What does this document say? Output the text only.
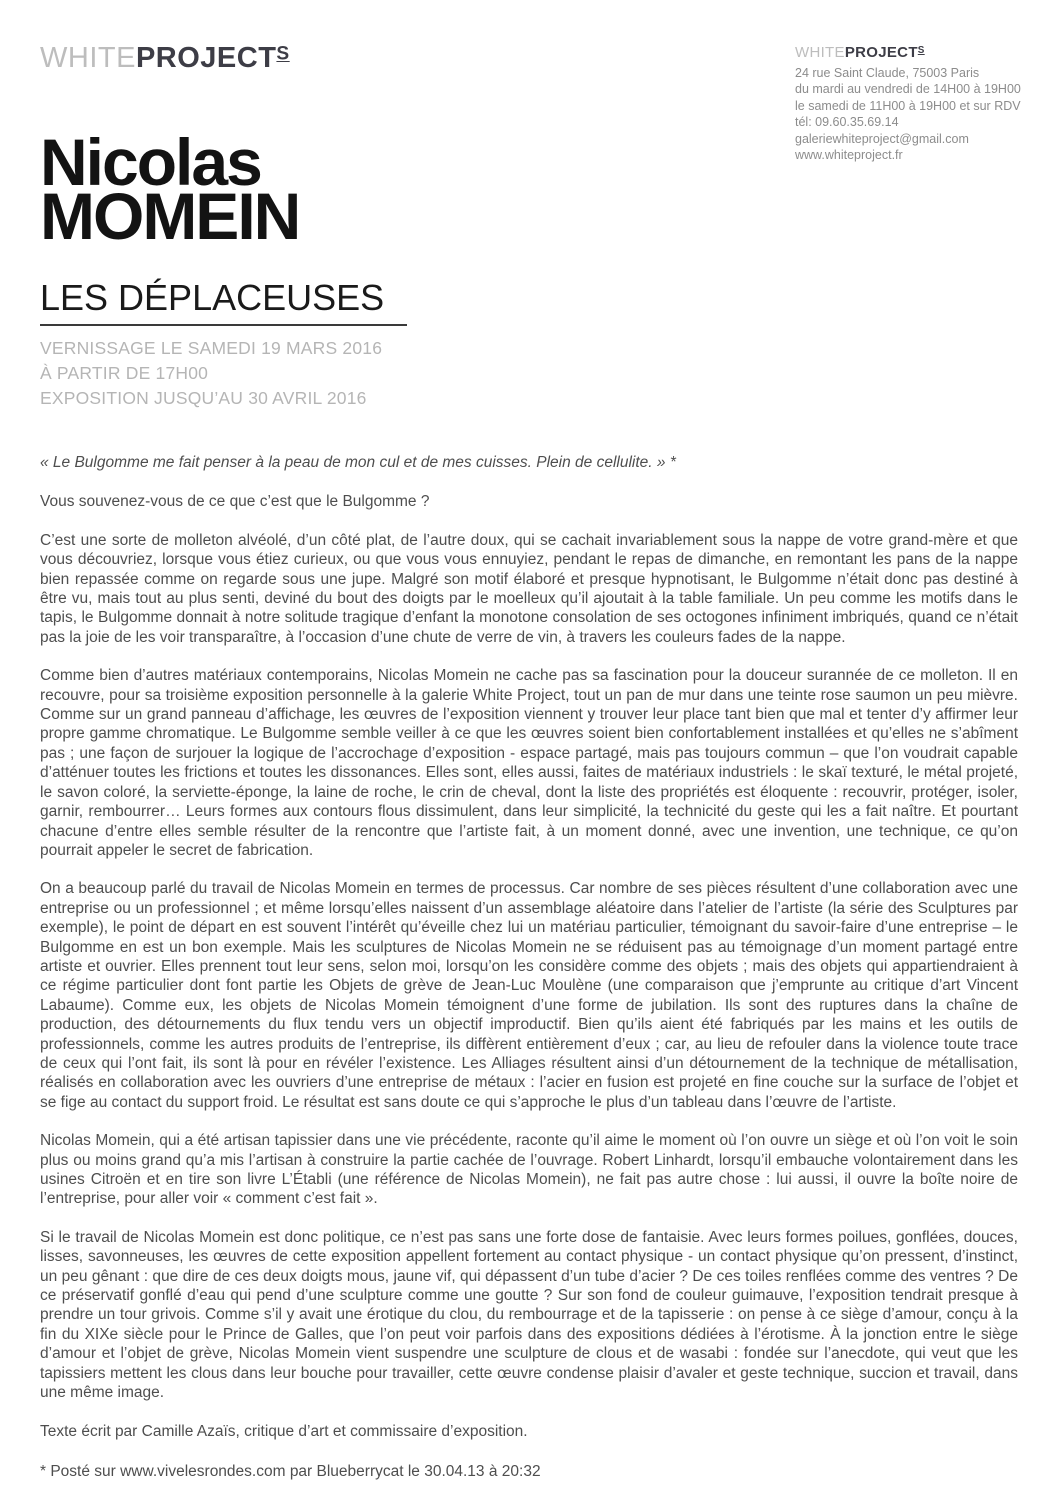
$WHITEPROJECT^S$	$WHITEPROJECT^S$
24 rue Saint Claude, 75003 Paris
du mardi au vendredi de 14H00 à 19H00
le samedi de 11H00 à 19H00 et sur RDV
tél: 09.60.35.69.14
galeriewhiteproject@gmail.com
www.whiteproject.fr
Nicolas
MOMEIN
LES DÉPLACEUSES
VERNISSAGE LE SAMEDI 19 MARS 2016
À PARTIR DE 17H00
EXPOSITION JUSQU’AU 30 AVRIL 2016
« Le Bulgomme me fait penser à la peau de mon cul et de mes cuisses. Plein de cellulite. » *
Vous souvenez-vous de ce que c’est que le Bulgomme ?
C’est une sorte de molleton alvéolé, d’un côté plat, de l’autre doux, qui se cachait invariablement sous la nappe de votre grand-mère et que vous découvriez, lorsque vous étiez curieux, ou que vous vous ennuyiez, pendant le repas de dimanche, en remontant les pans de la nappe bien repassée comme on regarde sous une jupe. Malgré son motif élaboré et presque hypnotisant, le Bulgomme n’était donc pas destiné à être vu, mais tout au plus senti, deviné du bout des doigts par le moelleux qu’il ajoutait à la table familiale. Un peu comme les motifs dans le tapis, le Bulgomme donnait à notre solitude tragique d’enfant la monotone consolation de ses octogones infiniment imbriqués, quand ce n’était pas la joie de les voir transparaître, à l’occasion d’une chute de verre de vin, à travers les couleurs fades de la nappe.
Comme bien d’autres matériaux contemporains, Nicolas Momein ne cache pas sa fascination pour la douceur surannée de ce molleton. Il en recouvre, pour sa troisième exposition personnelle à la galerie White Project, tout un pan de mur dans une teinte rose saumon un peu mièvre. Comme sur un grand panneau d’affichage, les œuvres de l’exposition viennent y trouver leur place tant bien que mal et tenter d’y affirmer leur propre gamme chromatique. Le Bulgomme semble veiller à ce que les œuvres soient bien confortablement installées et qu’elles ne s’abîment pas ; une façon de surjouer la logique de l’accrochage d’exposition - espace partagé, mais pas toujours commun – que l’on voudrait capable d’atténuer toutes les frictions et toutes les dissonances. Elles sont, elles aussi, faites de matériaux industriels : le skaï texturé, le métal projeté, le savon coloré, la serviette-éponge, la laine de roche, le crin de cheval, dont la liste des propriétés est éloquente : recouvrir, protéger, isoler, garnir, rembourrer… Leurs formes aux contours flous dissimulent, dans leur simplicité, la technicité du geste qui les a fait naître. Et pourtant chacune d’entre elles semble résulter de la rencontre que l’artiste fait, à un moment donné, avec une invention, une technique, ce qu’on pourrait appeler le secret de fabrication.
On a beaucoup parlé du travail de Nicolas Momein en termes de processus. Car nombre de ses pièces résultent d’une collaboration avec une entreprise ou un professionnel ; et même lorsqu’elles naissent d’un assemblage aléatoire dans l’atelier de l’artiste (la série des Sculptures par exemple), le point de départ en est souvent l’intérêt qu’éveille chez lui un matériau particulier, témoignant du savoir-faire d’une entreprise – le Bulgomme en est un bon exemple. Mais les sculptures de Nicolas Momein ne se réduisent pas au témoignage d’un moment partagé entre artiste et ouvrier. Elles prennent tout leur sens, selon moi, lorsqu’on les considère comme des objets ; mais des objets qui appartiendraient à ce régime particulier dont font partie les Objets de grève de Jean-Luc Moulène (une comparaison que j’emprunte au critique d’art Vincent Labaume). Comme eux, les objets de Nicolas Momein témoignent d’une forme de jubilation. Ils sont des ruptures dans la chaîne de production, des détournements du flux tendu vers un objectif improductif. Bien qu’ils aient été fabriqués par les mains et les outils de professionnels, comme les autres produits de l’entreprise, ils diffèrent entièrement d’eux ; car, au lieu de refouler dans la violence toute trace de ceux qui l’ont fait, ils sont là pour en révéler l’existence. Les Alliages résultent ainsi d’un détournement de la technique de métallisation, réalisés en collaboration avec les ouvriers d’une entreprise de métaux : l’acier en fusion est projeté en fine couche sur la surface de l’objet et se fige au contact du support froid. Le résultat est sans doute ce qui s’approche le plus d’un tableau dans l’œuvre de l’artiste.
Nicolas Momein, qui a été artisan tapissier dans une vie précédente, raconte qu’il aime le moment où l’on ouvre un siège et où l’on voit le soin plus ou moins grand qu’a mis l’artisan à construire la partie cachée de l’ouvrage. Robert Linhardt, lorsqu’il embauche volontairement dans les usines Citroën et en tire son livre L’Établi (une référence de Nicolas Momein), ne fait pas autre chose : lui aussi, il ouvre la boîte noire de l’entreprise, pour aller voir « comment c’est fait ».
Si le travail de Nicolas Momein est donc politique, ce n’est pas sans une forte dose de fantaisie. Avec leurs formes poilues, gonflées, douces, lisses, savonneuses, les œuvres de cette exposition appellent fortement au contact physique - un contact physique qu’on pressent, d’instinct, un peu gênant : que dire de ces deux doigts mous, jaune vif, qui dépassent d’un tube d’acier ? De ces toiles renflées comme des ventres ? De ce préservatif gonflé d’eau qui pend d’une sculpture comme une goutte ? Sur son fond de couleur guimauve, l’exposition tendrait presque à prendre un tour grivois. Comme s’il y avait une érotique du clou, du rembourrage et de la tapisserie : on pense à ce siège d’amour, conçu à la fin du XIXe siècle pour le Prince de Galles, que l’on peut voir parfois dans des expositions dédiées à l’érotisme. À la jonction entre le siège d’amour et l’objet de grève, Nicolas Momein vient suspendre une sculpture de clous et de wasabi : fondée sur l’anecdote, qui veut que les tapissiers mettent les clous dans leur bouche pour travailler, cette œuvre condense plaisir d’avaler et geste technique, succion et travail, dans une même image.
Texte écrit par Camille Azaïs, critique d’art et commissaire d’exposition.
* Posté sur www.vivelesrondes.com par Blueberrycat le 30.04.13 à 20:32
